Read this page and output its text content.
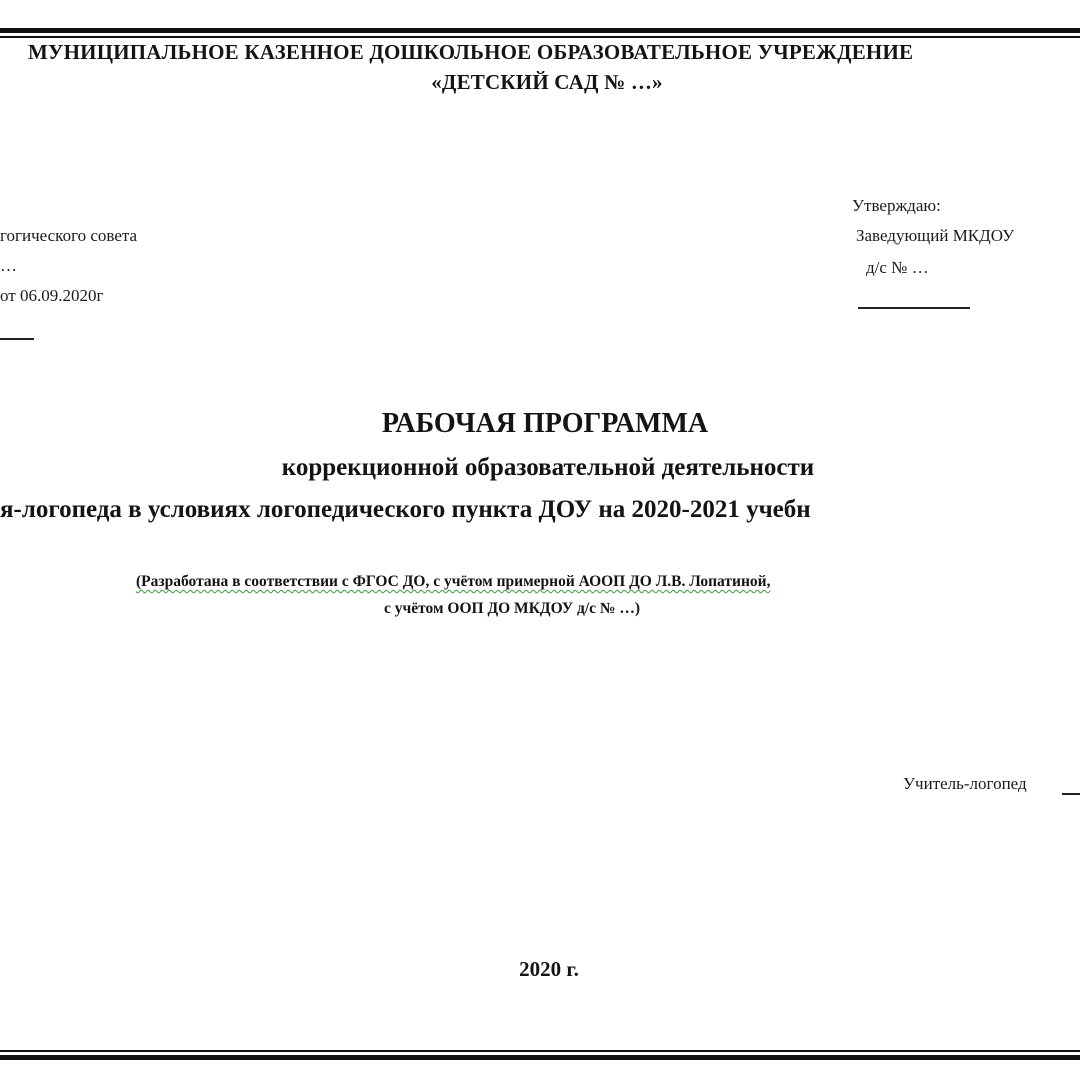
МУНИЦИПАЛЬНОЕ КАЗЕННОЕ ДОШКОЛЬНОЕ ОБРАЗОВАТЕЛЬНОЕ УЧРЕЖДЕНИЕ
«ДЕТСКИЙ САД № …»
гогического совета
…
от 06.09.2020г
Утверждаю:
Заведующий МКДОУ
д/с № …
РАБОЧАЯ ПРОГРАММА
коррекционной образовательной деятельности
я-логопеда в условиях логопедического пункта ДОУ на 2020-2021 учебн
(Разработана в соответствии с ФГОС ДО, с учётом примерной АООП ДО Л.В. Лопатиной,
с учётом ООП ДО МКДОУ д/с № …)
Учитель-логопед
2020 г.
